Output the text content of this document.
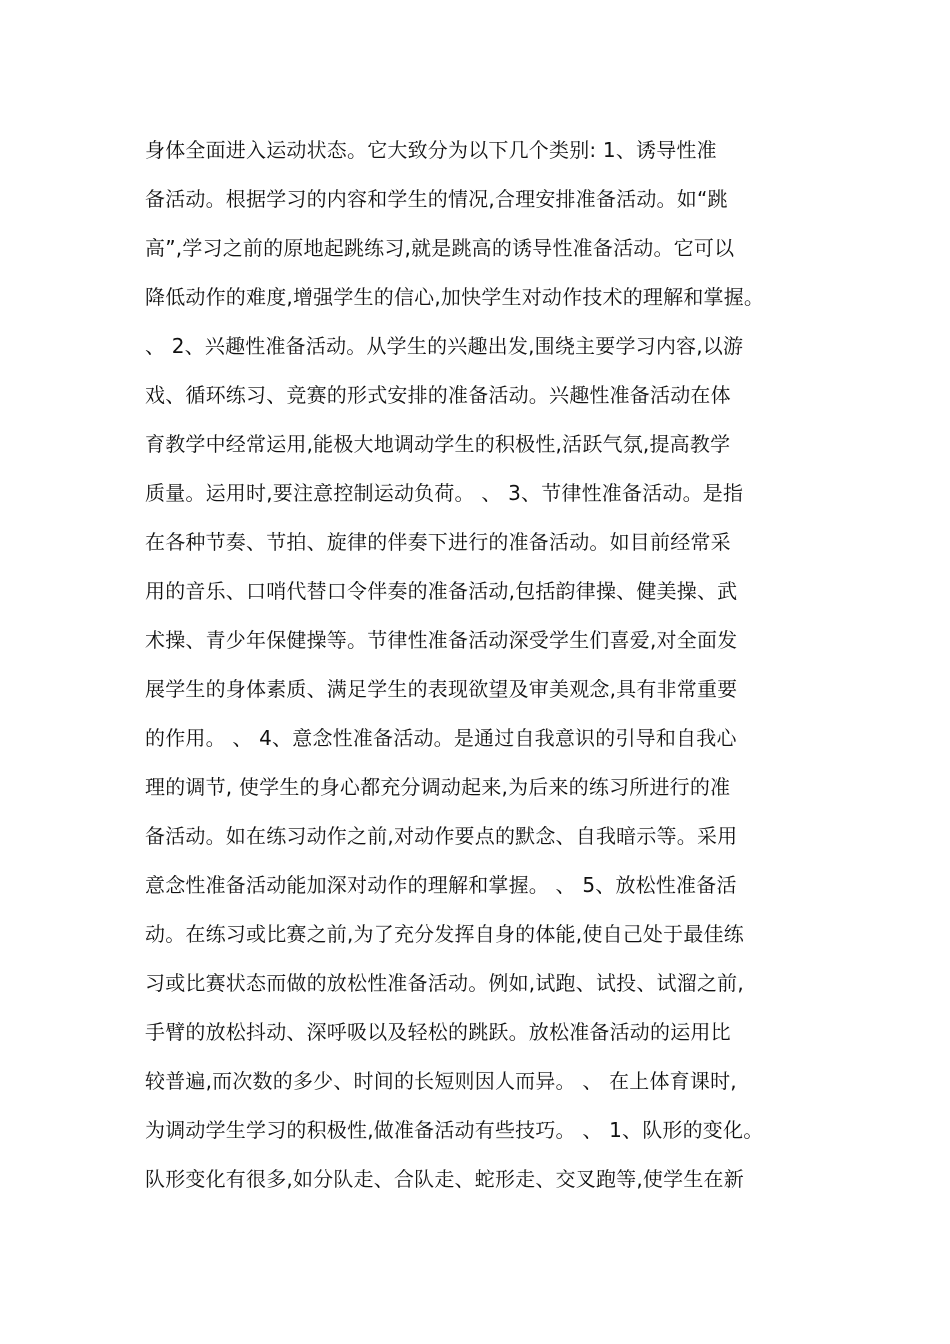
身体全面进入运动状态。它大致分为以下几个类别: 1、诱导性准
备活动。根据学习的内容和学生的情况,合理安排准备活动。如“跳
高”,学习之前的原地起跳练习,就是跳高的诱导性准备活动。它可以
降低动作的难度,增强学生的信心,加快学生对动作技术的理解和掌握。
、 2、兴趣性准备活动。从学生的兴趣出发,围绕主要学习内容,以游
戏、循环练习、竞赛的形式安排的准备活动。兴趣性准备活动在体
育教学中经常运用,能极大地调动学生的积极性,活跃气氛,提高教学
质量。运用时,要注意控制运动负荷。 、 3、节律性准备活动。是指
在各种节奏、节拍、旋律的伴奏下进行的准备活动。如目前经常采
用的音乐、口哨代替口令伴奏的准备活动,包括韵律操、健美操、武
术操、青少年保健操等。节律性准备活动深受学生们喜爱,对全面发
展学生的身体素质、满足学生的表现欲望及审美观念,具有非常重要
的作用。 、 4、意念性准备活动。是通过自我意识的引导和自我心
理的调节, 使学生的身心都充分调动起来,为后来的练习所进行的准
备活动。如在练习动作之前,对动作要点的默念、自我暗示等。采用
意念性准备活动能加深对动作的理解和掌握。 、 5、放松性准备活
动。在练习或比赛之前,为了充分发挥自身的体能,使自己处于最佳练
习或比赛状态而做的放松性准备活动。例如,试跑、试投、试溜之前,
手臂的放松抖动、深呼吸以及轻松的跳跃。放松准备活动的运用比
较普遍,而次数的多少、时间的长短则因人而异。 、 在上体育课时,
为调动学生学习的积极性,做准备活动有些技巧。 、 1、队形的变化。
队形变化有很多,如分队走、合队走、蛇形走、交叉跑等,使学生在新
